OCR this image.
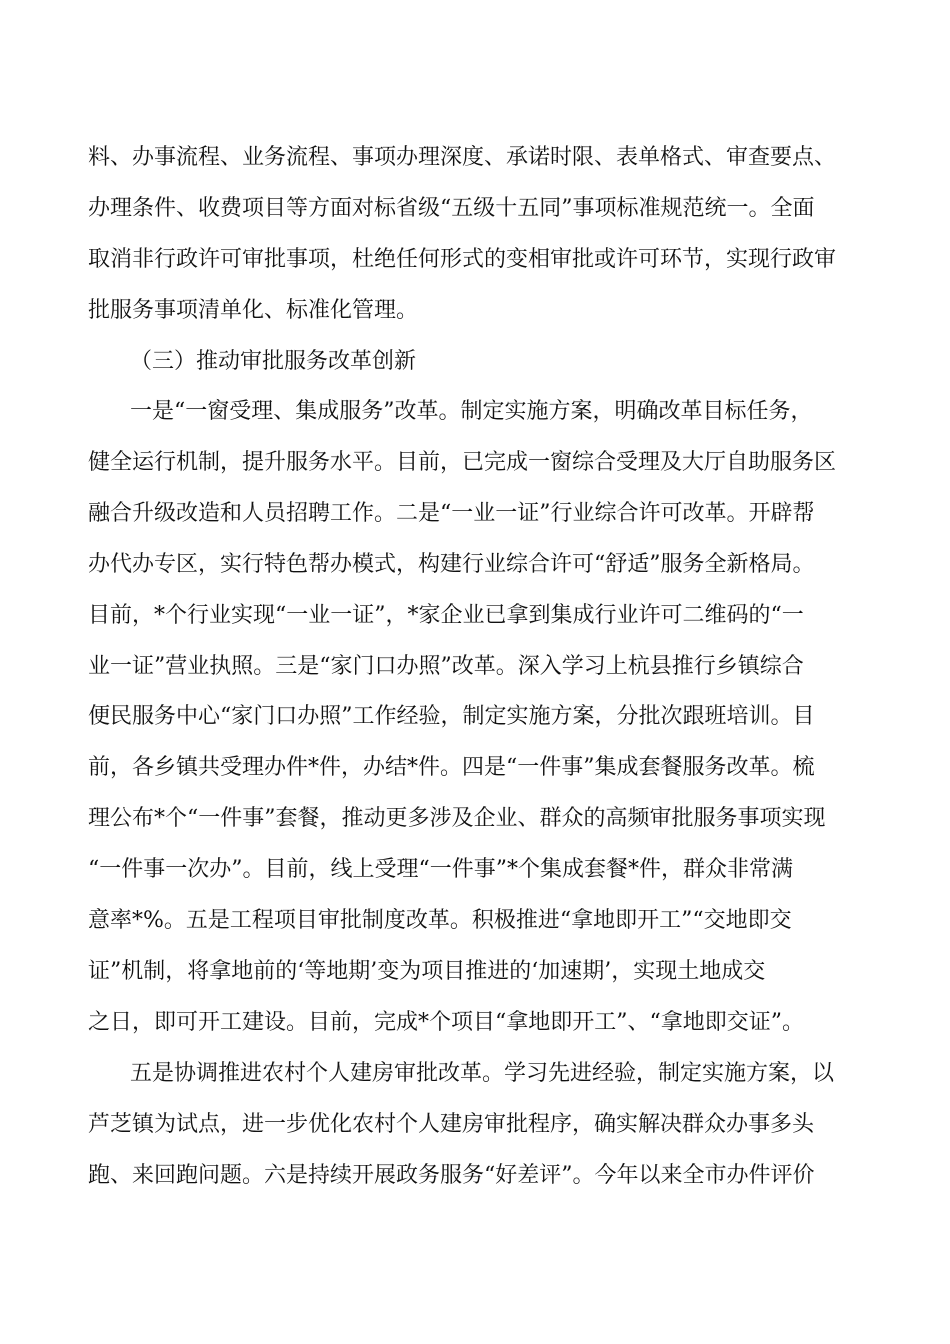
料、办事流程、业务流程、事项办理深度、承诺时限、表单格式、审查要点、
办理条件、收费项目等方面对标省级“五级十五同”事项标准规范统一。全面
取消非行政许可审批事项，杜绝任何形式的变相审批或许可环节，实现行政审
批服务事项清单化、标准化管理。
（三）推动审批服务改革创新
一是“一窗受理、集成服务”改革。制定实施方案，明确改革目标任务，
健全运行机制，提升服务水平。目前，已完成一窗综合受理及大厅自助服务区
融合升级改造和人员招聘工作。二是“一业一证”行业综合许可改革。开辟帮
办代办专区，实行特色帮办模式，构建行业综合许可“舒适”服务全新格局。
目前，*个行业实现“一业一证”，*家企业已拿到集成行业许可二维码的“一
业一证”营业执照。三是“家门口办照”改革。深入学习上杭县推行乡镇综合
便民服务中心“家门口办照”工作经验，制定实施方案，分批次跟班培训。目
前，各乡镇共受理办件*件，办结*件。四是“一件事”集成套餐服务改革。梳
理公布*个“一件事”套餐，推动更多涉及企业、群众的高频审批服务事项实现
“一件事一次办”。目前，线上受理“一件事”*个集成套餐*件，群众非常满
意率*%。五是工程项目审批制度改革。积极推进“拿地即开工”“交地即交
证”机制，将拿地前的‘等地期’变为项目推进的‘加速期’，实现土地成交
之日，即可开工建设。目前，完成*个项目“拿地即开工”、“拿地即交证”。
五是协调推进农村个人建房审批改革。学习先进经验，制定实施方案，以
芦芝镇为试点，进一步优化农村个人建房审批程序，确实解决群众办事多头
跑、来回跑问题。六是持续开展政务服务“好差评”。今年以来全市办件评价
